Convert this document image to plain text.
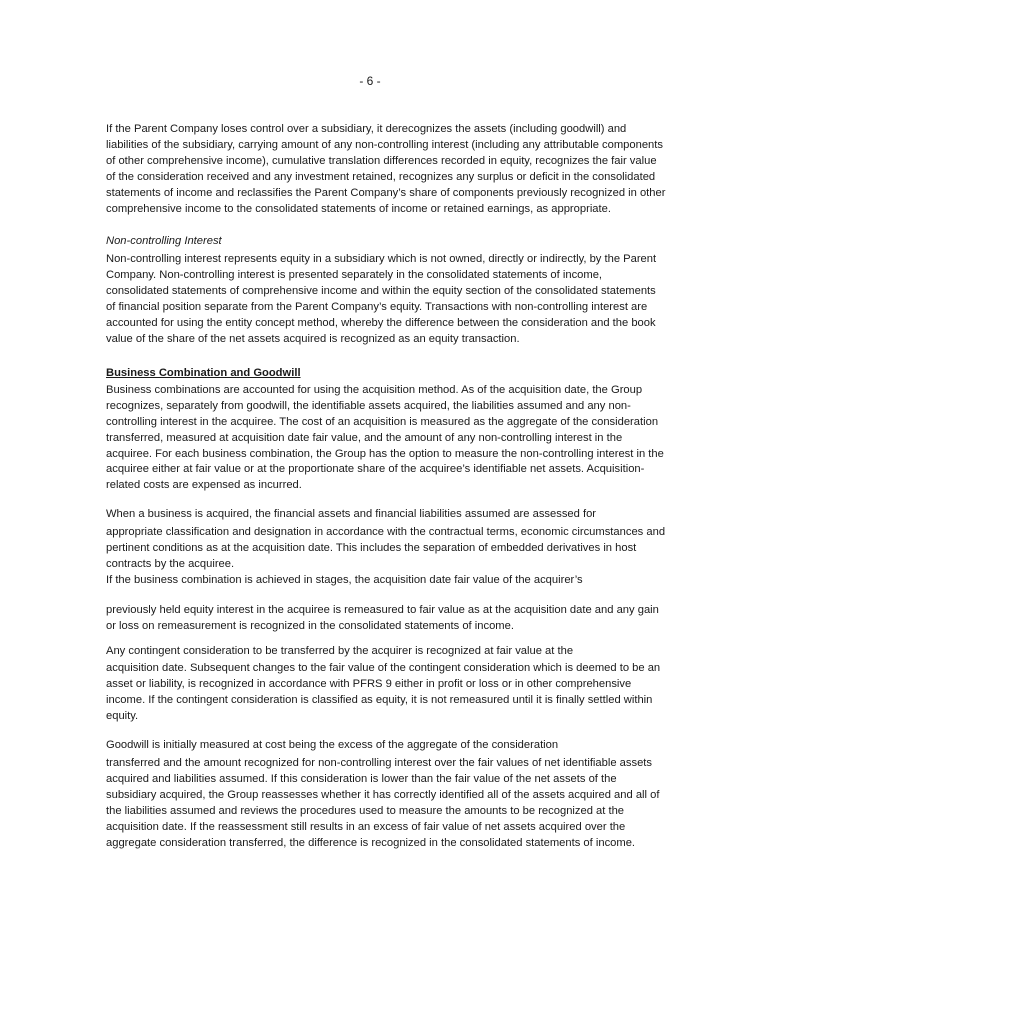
- 6 -

If the Parent Company loses control over a subsidiary, it derecognizes the assets (including goodwill) and liabilities of the subsidiary, carrying amount of any non-controlling interest (including any attributable components of other comprehensive income), cumulative translation differences recorded in equity, recognizes the fair value of the consideration received and any investment retained, recognizes any surplus or deficit in the consolidated statements of income and reclassifies the Parent Company’s share of components previously recognized in other comprehensive income to the consolidated statements of income or retained earnings, as appropriate.

Non-controlling Interest

Non-controlling interest represents equity in a subsidiary which is not owned, directly or indirectly, by the Parent Company. Non-controlling interest is presented separately in the consolidated statements of income, consolidated statements of comprehensive income and within the equity section of the consolidated statements of financial position separate from the Parent Company’s equity. Transactions with non-controlling interest are accounted for using the entity concept method, whereby the difference between the consideration and the book value of the share of the net assets acquired is recognized as an equity transaction.

Business Combination and Goodwill

Business combinations are accounted for using the acquisition method. As of the acquisition date, the Group recognizes, separately from goodwill, the identifiable assets acquired, the liabilities assumed and any non-controlling interest in the acquiree. The cost of an acquisition is measured as the aggregate of the consideration transferred, measured at acquisition date fair value, and the amount of any non-controlling interest in the acquiree. For each business combination, the Group has the option to measure the non-controlling interest in the acquiree either at fair value or at the proportionate share of the acquiree’s identifiable net assets. Acquisition-related costs are expensed as incurred.

When a business is acquired, the financial assets and financial liabilities assumed are assessed for
appropriate classification and designation in accordance with the contractual terms, economic circumstances and pertinent conditions as at the acquisition date. This includes the separation of embedded derivatives in host contracts by the acquiree.

If the business combination is achieved in stages, the acquisition date fair value of the acquirer’s
previously held equity interest in the acquiree is remeasured to fair value as at the acquisition date and any gain or loss on remeasurement is recognized in the consolidated statements of income.

Any contingent consideration to be transferred by the acquirer is recognized at fair value at the
acquisition date. Subsequent changes to the fair value of the contingent consideration which is deemed to be an asset or liability, is recognized in accordance with PFRS 9 either in profit or loss or in other comprehensive income. If the contingent consideration is classified as equity, it is not remeasured until it is finally settled within equity.

Goodwill is initially measured at cost being the excess of the aggregate of the consideration
transferred and the amount recognized for non-controlling interest over the fair values of net identifiable assets acquired and liabilities assumed. If this consideration is lower than the fair value of the net assets of the subsidiary acquired, the Group reassesses whether it has correctly identified all of the assets acquired and all of the liabilities assumed and reviews the procedures used to measure the amounts to be recognized at the acquisition date. If the reassessment still results in an excess of fair value of net assets acquired over the aggregate consideration transferred, the difference is recognized in the consolidated statements of income.
